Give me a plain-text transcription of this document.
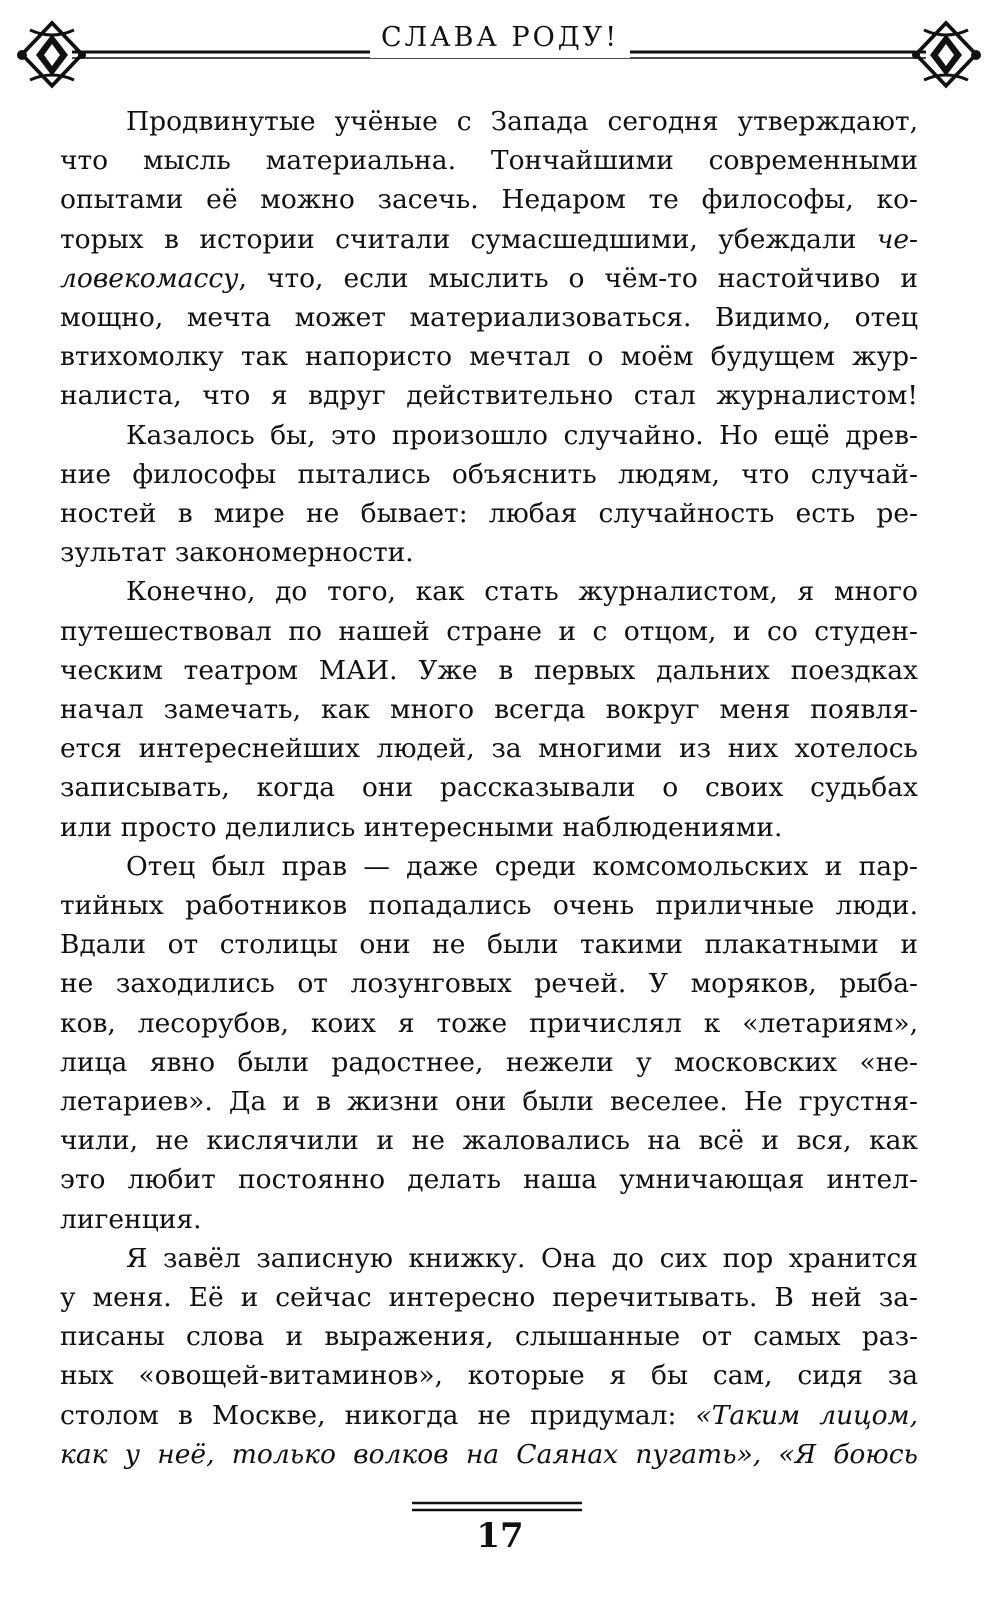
СЛАВА РОДУ!
Продвинутые учёные с Запада сегодня утверждают,
что мысль материальна. Тончайшими современными
опытами её можно засечь. Недаром те философы, ко-
торых в истории считали сумасшедшими, убеждали че-
ловекомассу, что, если мыслить о чём-то настойчиво и
мощно, мечта может материализоваться. Видимо, отец
втихомолку так напористо мечтал о моём будущем жур-
налиста, что я вдруг действительно стал журналистом!
Казалось бы, это произошло случайно. Но ещё древ-
ние философы пытались объяснить людям, что случай-
ностей в мире не бывает: любая случайность есть ре-
зультат закономерности.
Конечно, до того, как стать журналистом, я много
путешествовал по нашей стране и с отцом, и со студен-
ческим театром МАИ. Уже в первых дальних поездках
начал замечать, как много всегда вокруг меня появля-
ется интереснейших людей, за многими из них хотелось
записывать, когда они рассказывали о своих судьбах
или просто делились интересными наблюдениями.
Отец был прав — даже среди комсомольских и пар-
тийных работников попадались очень приличные люди.
Вдали от столицы они не были такими плакатными и
не заходились от лозунговых речей. У моряков, рыба-
ков, лесорубов, коих я тоже причислял к «летариям»,
лица явно были радостнее, нежели у московских «не-
летариев». Да и в жизни они были веселее. Не грустня-
чили, не кислячили и не жаловались на всё и вся, как
это любит постоянно делать наша умничающая интел-
лигенция.
Я завёл записную книжку. Она до сих пор хранится
у меня. Её и сейчас интересно перечитывать. В ней за-
писаны слова и выражения, слышанные от самых раз-
ных «овощей-витаминов», которые я бы сам, сидя за
столом в Москве, никогда не придумал: «Таким лицом,
как у неё, только волков на Саянах пугать», «Я боюсь
17
